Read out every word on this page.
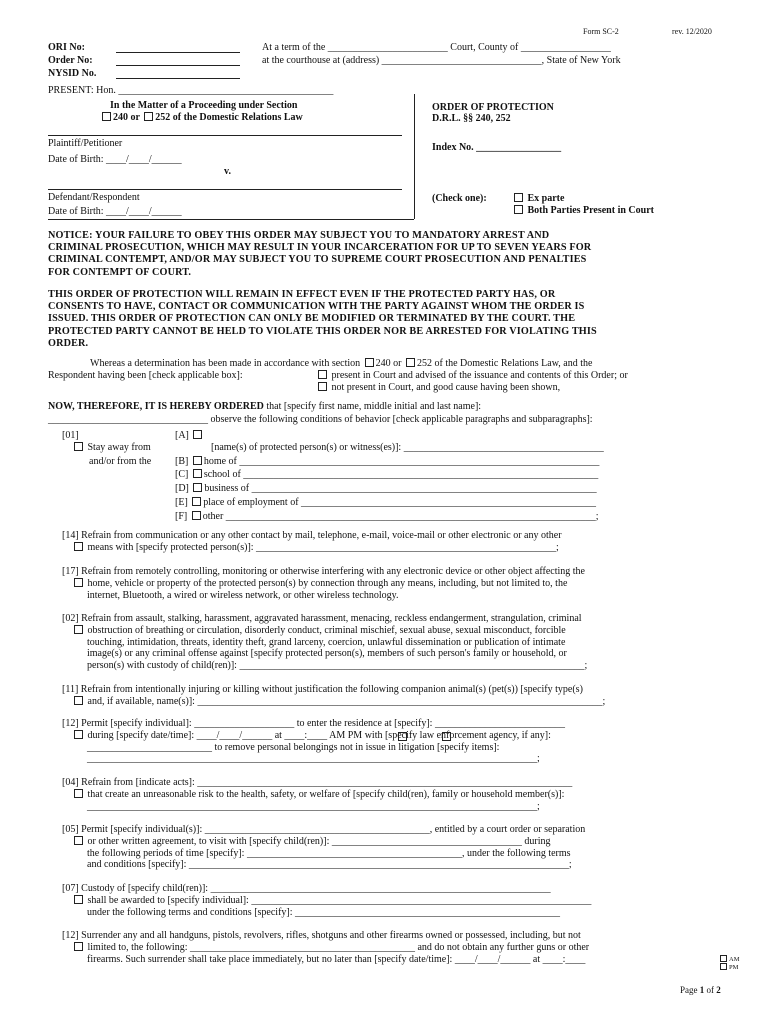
Form SC-2	rev. 12/2020
ORI No:
Order No:
NYSID No.
At a term of the ________________________ Court, County of __________________
at the courthouse at (address) ________________________________, State of New York
PRESENT: Hon. ___________________________________________
In the Matter of a Proceeding under Section
240 or 252 of the Domestic Relations Law
Plaintiff/Petitioner
Date of Birth: ____/____/______
v.
Defendant/Respondent
Date of Birth: ____/____/______
ORDER OF PROTECTION
D.R.L. §§ 240, 252
Index No. _________________
(Check one):	Ex parte
Both Parties Present in Court
NOTICE: YOUR FAILURE TO OBEY THIS ORDER MAY SUBJECT YOU TO MANDATORY ARREST AND
CRIMINAL PROSECUTION, WHICH MAY RESULT IN YOUR INCARCERATION FOR UP TO SEVEN YEARS FOR
CRIMINAL CONTEMPT, AND/OR MAY SUBJECT YOU TO SUPREME COURT PROSECUTION AND PENALTIES
FOR CONTEMPT OF COURT.
THIS ORDER OF PROTECTION WILL REMAIN IN EFFECT EVEN IF THE PROTECTED PARTY HAS, OR
CONSENTS TO HAVE, CONTACT OR COMMUNICATION WITH THE PARTY AGAINST WHOM THE ORDER IS
ISSUED. THIS ORDER OF PROTECTION CAN ONLY BE MODIFIED OR TERMINATED BY THE COURT. THE
PROTECTED PARTY CANNOT BE HELD TO VIOLATE THIS ORDER NOR BE ARRESTED FOR VIOLATING THIS
ORDER.
Whereas a determination has been made in accordance with section 240 or 252 of the Domestic Relations Law, and the
Respondent having been [check applicable box]:	present in Court and advised of the issuance and contents of this Order; or
not present in Court, and good cause having been shown,
NOW, THEREFORE, IT IS HEREBY ORDERED that [specify first name, middle initial and last name]:
________________________________ observe the following conditions of behavior [check applicable paragraphs and subparagraphs]:
[01]	[A]
Stay away from	[name(s) of protected person(s) or witness(es)]: ________________________________________
and/or from the [B] home of ________________________________________________________________________
[C] school of _______________________________________________________________________
[D] business of _____________________________________________________________________
[E] place of employment of ___________________________________________________________
[F] other __________________________________________________________________________;
[14] Refrain from communication or any other contact by mail, telephone, e-mail, voice-mail or other electronic or any other
means with [specify protected person(s)]: ____________________________________________________________;
[17] Refrain from remotely controlling, monitoring or otherwise interfering with any electronic device or other object affecting the
home, vehicle or property of the protected person(s) by connection through any means, including, but not limited to, the
internet, Bluetooth, a wired or wireless network, or other wireless technology.
[02] Refrain from assault, stalking, harassment, aggravated harassment, menacing, reckless endangerment, strangulation, criminal
obstruction of breathing or circulation, disorderly conduct, criminal mischief, sexual abuse, sexual misconduct, forcible
touching, intimidation, threats, identity theft, grand larceny, coercion, unlawful dissemination or publication of intimate
image(s) or any criminal offense against [specify protected person(s), members of such person's family or household, or
person(s) with custody of child(ren)]: _____________________________________________________________________;
[11] Refrain from intentionally injuring or killing without justification the following companion animal(s) (pet(s)) [specify type(s)
and, if available, name(s)]: _________________________________________________________________________________;
[12] Permit [specify individual]: ____________________ to enter the residence at [specify]: __________________________
during [specify date/time]: ____/____/______ at ____:____ AM PM with [specify law enforcement agency, if any]:
_________________________ to remove personal belongings not in issue in litigation [specify items]:
__________________________________________________________________________________________;
[04] Refrain from [indicate acts]: ___________________________________________________________________________
that create an unreasonable risk to the health, safety, or welfare of [specify child(ren), family or household member(s)]:
__________________________________________________________________________________________;
[05] Permit [specify individual(s)]: _____________________________________________, entitled by a court order or separation
or other written agreement, to visit with [specify child(ren)]: ______________________________________ during
the following periods of time [specify]: ___________________________________________, under the following terms
and conditions [specify]: ____________________________________________________________________________;
[07] Custody of [specify child(ren)]: ____________________________________________________________________
shall be awarded to [specify individual]: ____________________________________________________________________
under the following terms and conditions [specify]: _____________________________________________________
[12] Surrender any and all handguns, pistols, revolvers, rifles, shotguns and other firearms owned or possessed, including, but not
limited to, the following: _____________________________________________ and do not obtain any further guns or other
firearms. Such surrender shall take place immediately, but no later than [specify date/time]: ____/____/______ at ____:____	AM
PM
Page 1 of 2
